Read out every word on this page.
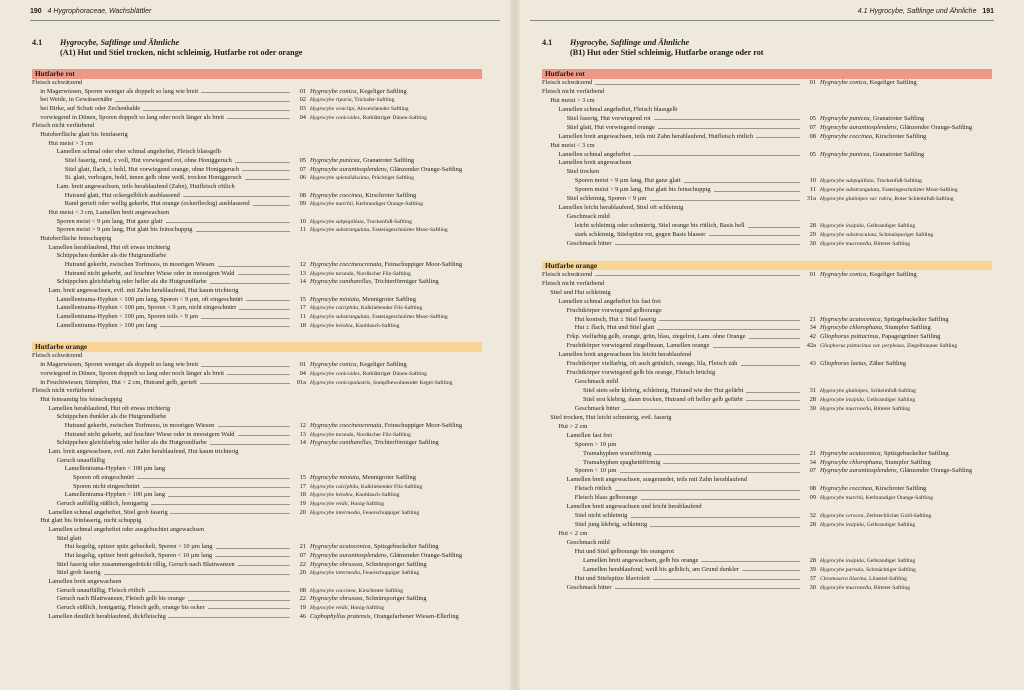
190 4 Hygrophoraceae, Wachsblättler
4.1 Hygrocybe, Saftlinge und Ähnliche
(A1) Hut und Stiel trocken, nicht schleimig, Hutfarbe rot oder orange
Hutfarbe rot
Fleisch schwärzend
in Magerwiesen, Sporen weniger als doppelt so lang wie breit	01 Hygrocybe conica, Kegeliger Saftling
bei Weide, in Gewässernähe	02 Hygrocybe riparia, Trichafer-Saftling
bei Birke, auf Schutt oder Zechenhalde	03 Hygrocybe vesiclipi, Abweichender Saftling
vorwiegend in Dünen, Sporen doppelt so lang oder noch länger als breit	04 Hygrocybe conicoides, Rotblättriger Dünen-Saftling
Fleisch nicht verfärbend
Hutoberfläche glatt bis feinfaserig
Hut meist > 3 cm
Lamellen schmal oder eher schmal angeheftet, Fleisch blassgelb
Stiel faserig, rund, z voll, Hut vorwiegend rot, ohne Honiggeruch	05 Hygrocybe punicea, Granatroter Saftling
Stiel glatt, flach, ± hohl, Hut vorwiegend orange, ohne Honiggeruch	07 Hygrocybe aurantiosplendens, Glänzender Orange-Saftling
St. glatt, verbogen, hohl, innen gelb ohne weiß, trocken Honiggeruch	06 Hygrocybe splendidissima, Prächtiger Saftling
Lam. breit angewachsen, teils herablaufend (Zahn), Hutfleisch rötlich
Hutrand glatt, Hut ockergelblich ausblassend	08 Hygrocybe coccinea, Kirschroter Saftling
Rand gerieft oder wellig gekerbt, Hut orange (ockerfleckig) ausblassend	09 Hygrocybe marchii, Kerbrandiger Orange-Saftling
Hut meist < 3 cm, Lamellen breit angewachsen
Sporen meist < 9 µm lang, Hut ganz glatt	10 Hygrocybe subpapillata, Trockenfuß-Saftling
Sporen meist > 9 µm lang, Hut glatt bis feinschuppig	11 Hygrocybe substrangulata, Fasteingeschnürter Moor-Saftling
Hutoberfläche feinschuppig
Lamellen herablaufend, Hut oft etwas trichterig
Schüppchen dunkler als die Hutgrundfarbe
Hutrand gekerbt, zwischen Torfmoos, in moorigen Wiesen	12 Hygrocybe coccineocrenata, Feinschuppiger Moor-Saftling
Hutrand nicht gekerbt, auf feuchter Wiese oder in moosigem Wald	13 Hygrocybe turunda, Nordischer Filz-Saftling
Schüppchen gleichfarbig oder heller als die Hutgrundfarbe	14 Hygrocybe cantharellus, Trichterförmiger Saftling
Lam. breit angewachsen, evtl. mit Zahn herablaufend, Hut kaum trichterig
Lamellentrama-Hyphen < 100 µm lang, Sporen < 9 µm, oft eingeschnürt	15 Hygrocybe miniata, Mennigroter Saftling
Lamellentrama-Hyphen < 100 µm, Sporen < 9 µm, nicht eingeschnürt	17 Hygrocybe calciphila, Kalkliebender Filz-Saftling
Lamellentrama-Hyphen < 100 µm, Sporen teils > 9 µm	11 Hygrocybe substrangulata, Fasteingeschnürter Moor-Saftling
Lamellentrama-Hyphen > 100 µm lang	18 Hygrocybe helobia, Knoblauch-Saftling
Hutfarbe orange
Fleisch schwärzend
in Magerwiesen, Sporen weniger als doppelt so lang wie breit	01 Hygrocybe conica, Kegeliger Saftling
vorwiegend in Dünen, Sporen doppelt so lang oder noch länger als breit	04 Hygrocybe conicoides, Rotblättriger Dünen-Saftling
in Feuchtwiesen, Sümpfen, Hut < 2 cm, Hutrand gelb, gerieft	01a Hygrocybe conicopalustris, Sumpfbewohnender Kegel-Saftling
Fleisch nicht verfärbend
Hut feinsamtig bis feinschuppig
Lamellen herablaufend, Hut oft etwas trichterig
Schüppchen dunkler als die Hutgrundfarbe
Hutrand gekerbt, zwischen Torfmoos, in moorigen Wiesen	12 Hygrocybe coccineocrenata, Feinschuppiger Moor-Saftling
Hutrand nicht gekerbt, auf feuchter Wiese oder in moosigem Wald	13 Hygrocybe turunda, Nordischer Filz-Saftling
Schüppchen gleichfarbig oder heller als die Hutgrundfarbe	14 Hygrocybe cantharellus, Trichterförmiger Saftling
Lam. breit angewachsen, evtl. mit Zahn herablaufend, Hut kaum trichterig
Geruch unauffällig
Lamellentrama-Hyphen < 100 µm lang
Sporen oft eingeschnürt	15 Hygrocybe miniata, Mennigroter Saftling
Sporen nicht eingeschnürt	17 Hygrocybe calciphila, Kalkliebender Filz-Saftling
Lamellentrama-Hyphen > 100 µm lang	18 Hygrocybe helobia, Knoblauch-Saftling
Geruch auffällig süßlich, honigartig	19 Hygrocybe reidii, Honig-Saftling
Lamellen schmal angeheftet, Stiel grob faserig	20 Hygrocybe intermedia, Feuerschuppiger Saftling
Hut glatt bis feinfaserig, nicht schuppig
Lamellen schmal angeheftet oder ausgebuchtet angewachsen
Stiel glatt
Hut kegelig, spitzer spitz gebuckelt, Sporen > 10 µm lang	21 Hygrocybe acutoconica, Spitzgebuckelter Saftling
Hut kegelig, spitzer breit gebuckelt, Sporen < 10 µm lang	07 Hygrocybe aurantiosplendens, Glänzender Orange-Saftling
Stiel faserig oder zusammengedrückt rillig, Geruch nach Blattwanzen	22 Hygrocybe obrussea, Schnürsporiger Saftling
Stiel grob faserig	20 Hygrocybe intermedia, Feuerschuppiger Saftling
Lamellen breit angewachsen
Geruch unauffällig, Fleisch rötlich	08 Hygrocybe coccinea, Kirschroter Saftling
Geruch nach Blattwanzen, Fleisch gelb bis orange	22 Hygrocybe obrussea, Schnürsporiger Saftling
Geruch süßlich, honigartig, Fleisch gelb, orange bis ocker	19 Hygrocybe reidii, Honig-Saftling
Lamellen deutlich herablaufend, dickfleischig	46 Cuphophyllus pratensis, Orangefarbener Wiesen-Ellerling
4.1 Hygrocybe, Saftlinge und Ähnliche 191
4.1 Hygrocybe, Saftlinge und Ähnliche
(B1) Hut oder Stiel schleimig, Hutfarbe orange oder rot
Hutfarbe rot
Fleisch schwärzend	01 Hygrocybe conica, Kegeliger Saftling
Fleisch nicht verfärbend
Hut meist > 3 cm
Lamellen schmal angeheftet, Fleisch blassgelb
Stiel faserig, Hut vorwiegend rot	05 Hygrocybe punicea, Granatroter Saftling
Stiel glatt, Hut vorwiegend orange	07 Hygrocybe aurantiosplendens, Glänzender Orange-Saftling
Lamellen breit angewachsen, teils mit Zahn herablaufend, Hutfleisch rötlich	08 Hygrocybe coccinea, Kirschroter Saftling
Hut meist < 3 cm
Lamellen schmal angeheftet	05 Hygrocybe punicea, Granatroter Saftling
Lamellen breit angewachsen
Stiel trocken
Sporen meist < 9 µm lang, Hut ganz glatt	10 Hygrocybe subpapillata, Trockenfuß-Saftling
Sporen meist > 9 µm lang, Hut glatt bis feinschuppig	11 Hygrocybe substrangulata, Fasteingeschnürter Moor-Saftling
Stiel schleimig, Sporen < 9 µm	31a Hygrocybe glutinipes var. rubra, Roter Schleimfuß-Saftling
Lamellen leicht herablaufend, Stiel oft schleimig
Geschmack mild
leicht schleimig oder schmierig, Stiel orange bis rötlich, Basis hell	28 Hygrocybe insipida, Gelbrandiger Saftling
stark schleimig, Stielspitze rot, gegen Basis blasser	29 Hygrocybe substraculata, Schmalsporiger Saftling
Geschmack bitter	30 Hygrocybe mucronella, Bitterer Saftling
Hutfarbe orange
Fleisch schwärzend	01 Hygrocybe conica, Kegeliger Saftling
Fleisch nicht verfärbend
Stiel und Hut schleimig
Lamellen schmal angeheftet bis fast frei
Fruchtkörper vorwiegend gelborange
Hut konisch, Hut ± Stiel faserig	21 Hygrocybe acutoconica, Spitzgebuckelter Saftling
Hut ± flach, Hut und Stiel glatt	34 Hygrocybe chlorophana, Stumpfer Saftling
Frkp. vielfarbig gelb, orange, grün, blau, ziegelrot, Lam. ohne Orange	42 Gliophorus psittacinus, Papageigrüner Saftling
Fruchtkörper vorwiegend ziegelbraun, Lamellen orange	42a Gliophorus psittacinus var. perplexus, Ziegelbrauner Saftling
Lamellen breit angewachsen bis leicht herablaufend
Fruchtkörper vielfarbig, oft auch grünlich, orange, lila, Fleisch zäh	43 Gliophorus laetus, Zäher Saftling
Fruchtkörper vorwiegend gelb bis orange, Fleisch brüchig
Geschmack mild
Stiel stets sehr klebrig, schleimig, Hutrand wie der Hut gefärbt	31 Hygrocybe glutinipes, Schleimfuß-Saftling
Stiel erst klebrig, dann trocken, Hutrand oft heller gelb gefärbt	28 Hygrocybe insipida, Gelbrandiger Saftling
Geschmack bitter	30 Hygrocybe mucronella, Bitterer Saftling
Stiel trocken, Hut leicht schmierig, evtl. faserig
Hut > 2 cm
Lamellen fast frei
Sporen > 10 µm
Tramahyphen wurstförmig	21 Hygrocybe acutoconica, Spitzgebuckelter Saftling
Tramahyphen spaghettiförmig	34 Hygrocybe chlorophana, Stumpfer Saftling
Sporen < 10 µm	07 Hygrocybe aurantiosplendens, Glänzender Orange-Saftling
Lamellen breit angewachsen, ausgerandet, teils mit Zahn herablaufend
Fleisch rötlich	08 Hygrocybe coccinea, Kirschroter Saftling
Fleisch blass gelborange	09 Hygrocybe marchii, Kerbrandiger Orange-Saftling
Lamellen breit angewachsen und leicht herablaufend
Stiel nicht schleimig	32 Hygrocybe ceracea, Zerbrechlicher Gold-Saftling
Stiel jung klebrig, schleimig	28 Hygrocybe insipida, Gelbrandiger Saftling
Hut < 2 cm
Geschmack mild
Hut und Stiel gelborange bis orangerot
Lamellen breit angewachsen, gelb bis orange	28 Hygrocybe insipida, Gelbrandiger Saftling
Lamellen herablaufend, weiß bis gelblich, am Grund dunkler	39 Hygrocybe parvula, Schmächtiger Saftling
Hut und Stielspitze lilaviolett	37 Chromosera lilacina, Lilastiel-Saftling
Geschmack bitter	30 Hygrocybe mucronella, Bitterer Saftling
